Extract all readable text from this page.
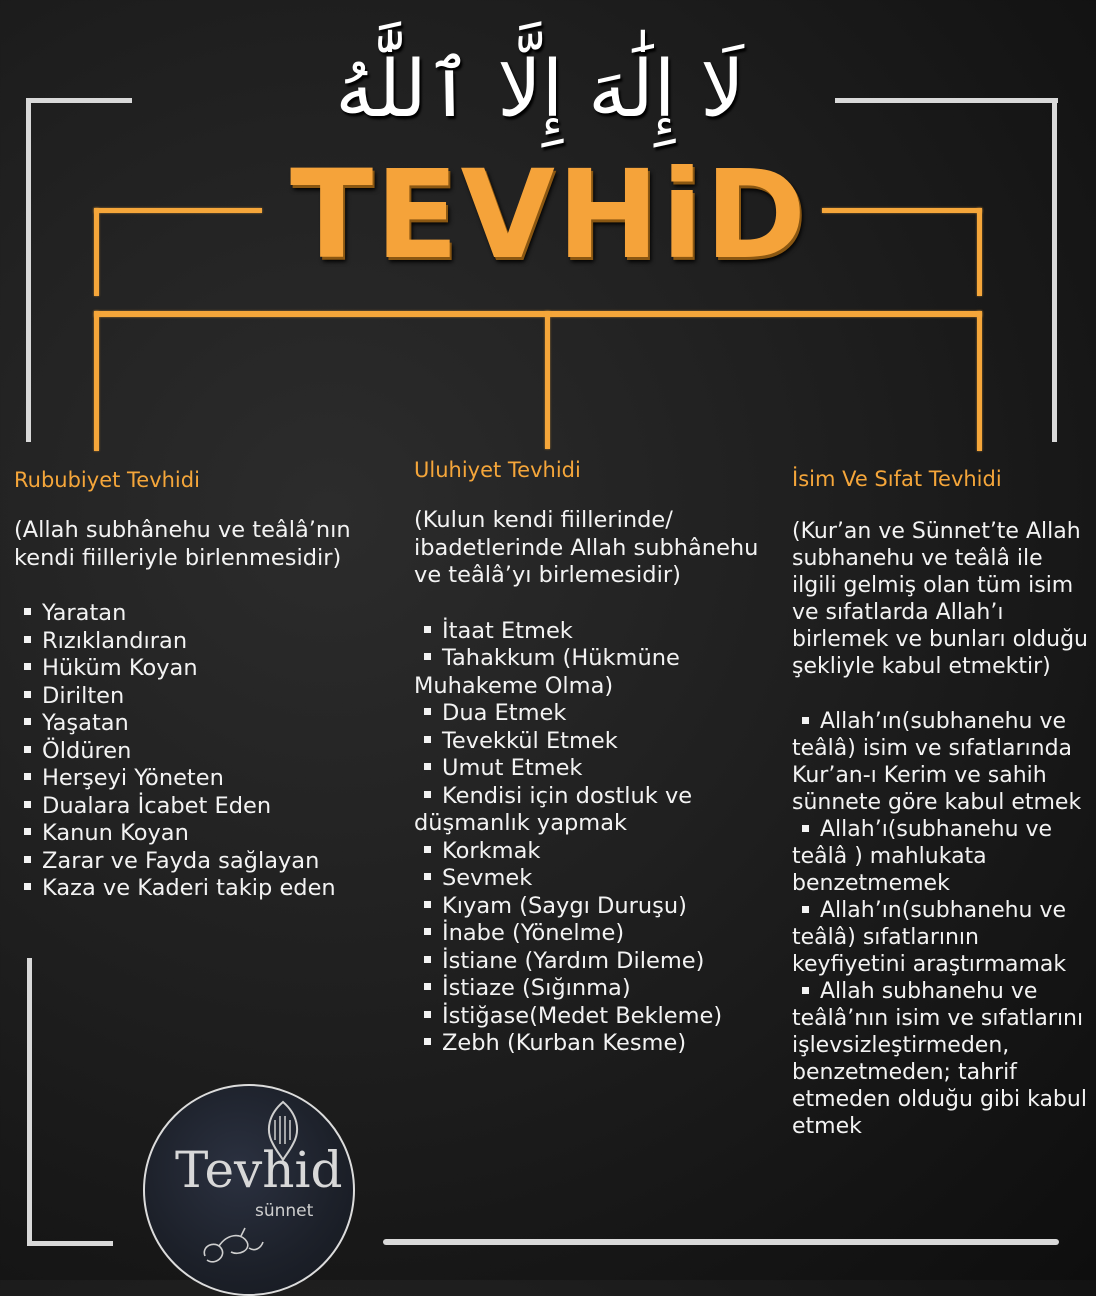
لَا إِلَٰهَ إِلَّا ٱللَّٰهُ
TEVHiD
Rububiyet Tevhidi
(Allah subhânehu ve teâlâ’nın kendi fiilleriyle birlenmesidir)
Yaratan
Rızıklandıran
Hüküm Koyan
Dirilten
Yaşatan
Öldüren
Herşeyi Yöneten
Dualara İcabet Eden
Kanun Koyan
Zarar ve Fayda sağlayan
Kaza ve Kaderi takip eden
Uluhiyet Tevhidi
(Kulun kendi fiillerinde/ ibadetlerinde Allah subhânehu ve teâlâ’yı birlemesidir)
İtaat Etmek
Tahakkum (Hükmüne Muhakeme Olma)
Dua Etmek
Tevekkül Etmek
Umut Etmek
Kendisi için dostluk ve düşmanlık yapmak
Korkmak
Sevmek
Kıyam (Saygı Duruşu)
İnabe (Yönelme)
İstiane (Yardım Dileme)
İstiaze (Sığınma)
İstiğase(Medet Bekleme)
Zebh (Kurban Kesme)
İsim Ve Sıfat Tevhidi
(Kur’an ve Sünnet’te Allah subhanehu ve teâlâ ile ilgili gelmiş olan tüm isim ve sıfatlarda Allah’ı birlemek ve bunları olduğu şekliyle kabul etmektir)
Allah’ın(subhanehu ve teâlâ) isim ve sıfatlarında Kur’an-ı Kerim ve sahih sünnete göre kabul etmek
Allah’ı(subhanehu ve teâlâ ) mahlukata benzetmemek
Allah’ın(subhanehu ve teâlâ) sıfatlarının keyfiyetini araştırmamak
Allah subhanehu ve teâlâ’nın isim ve sıfatlarını işlevsizleştirmeden, benzetmeden; tahrif etmeden olduğu gibi kabul etmek
Tevhid
sünnet
